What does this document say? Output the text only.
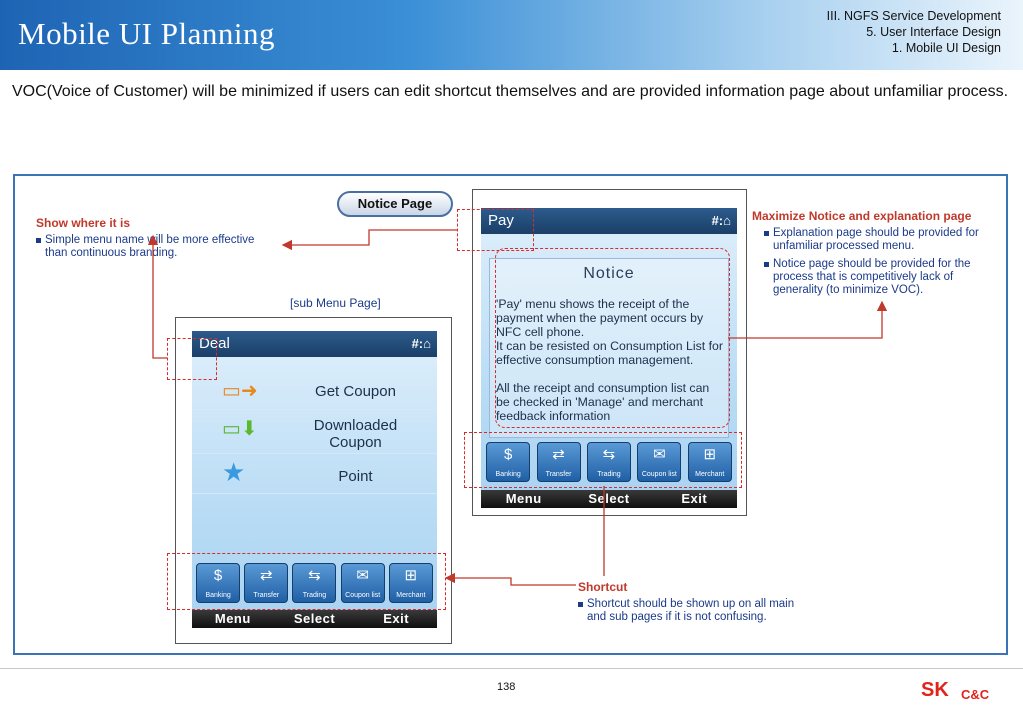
Mobile UI Planning	III. NGFS Service Development
5. User Interface Design
1. Mobile UI Design
VOC(Voice of Customer) will be minimized if users can edit shortcut themselves and are provided information page about unfamiliar process.
Show where it is
Simple menu name will be more effective than continuous branding.
Notice Page
[sub Menu Page]
Maximize Notice and explanation page
Explanation page should be provided for unfamiliar processed menu.
Notice page should be provided for the process that is competitively lack of generality (to minimize VOC).
Shortcut
Shortcut should be shown up on all main and sub pages if it is not confusing.
Deal	#:⌂
▭➜	Get Coupon
▭⬇	Downloaded
Coupon
★	Point
$
Banking
⇄
Transfer
⇆
Trading
✉
Coupon list
⊞
Merchant
Menu	Select	Exit
Pay	#:⌂
Notice
'Pay' menu shows the receipt of the payment when the payment occurs by NFC cell phone.
It can be resisted on Consumption List for effective consumption management.

All the receipt and consumption list can be checked in 'Manage' and merchant feedback information
$
Banking
⇄
Transfer
⇆
Trading
✉
Coupon list
⊞
Merchant
Menu	Select	Exit
138	SK C&C
